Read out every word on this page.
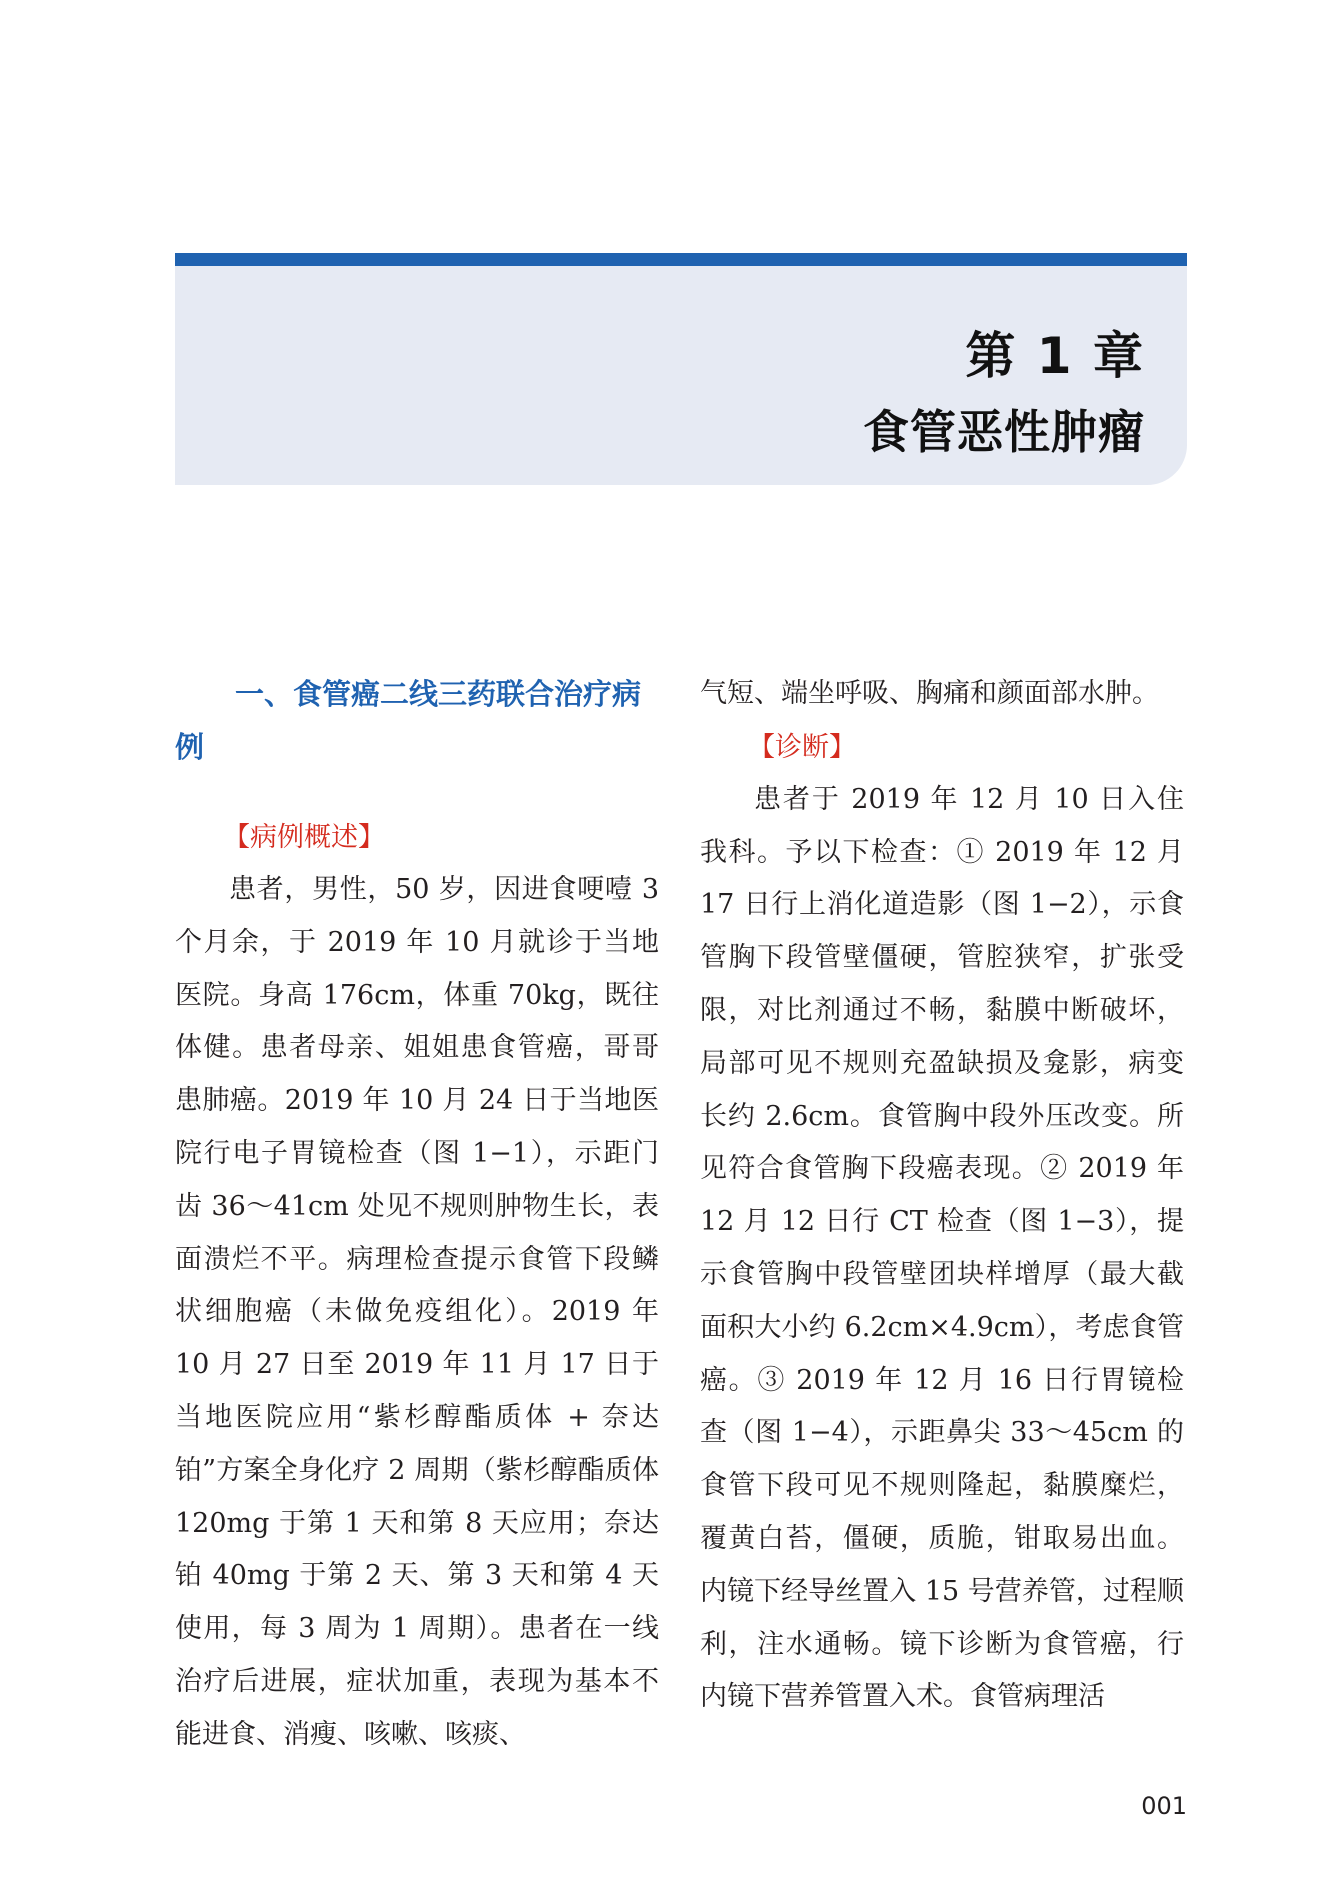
第 1 章
食管恶性肿瘤
一、食管癌二线三药联合治疗病例
【病例概述】

患者，男性，50 岁，因进食哽噎 3 个月余，于 2019 年 10 月就诊于当地医院。身高 176cm，体重 70kg，既往体健。患者母亲、姐姐患食管癌，哥哥患肺癌。2019 年 10 月 24 日于当地医院行电子胃镜检查（图 1−1），示距门齿 36～41cm 处见不规则肿物生长，表面溃烂不平。病理检查提示食管下段鳞状细胞癌（未做免疫组化）。2019 年 10 月 27 日至 2019 年 11 月 17 日于当地医院应用“紫杉醇酯质体 + 奈达铂”方案全身化疗 2 周期（紫杉醇酯质体 120mg 于第 1 天和第 8 天应用；奈达铂 40mg 于第 2 天、第 3 天和第 4 天使用，每 3 周为 1 周期）。患者在一线治疗后进展，症状加重，表现为基本不能进食、消瘦、咳嗽、咳痰、

气短、端坐呼吸、胸痛和颜面部水肿。

【诊断】

患者于 2019 年 12 月 10 日入住我科。予以下检查：① 2019 年 12 月 17 日行上消化道造影（图 1−2），示食管胸下段管壁僵硬，管腔狭窄，扩张受限，对比剂通过不畅，黏膜中断破坏，局部可见不规则充盈缺损及龛影，病变长约 2.6cm。食管胸中段外压改变。所见符合食管胸下段癌表现。② 2019 年 12 月 12 日行 CT 检查（图 1−3），提示食管胸中段管壁团块样增厚（最大截面积大小约 6.2cm×4.9cm），考虑食管癌。③ 2019 年 12 月 16 日行胃镜检查（图 1−4），示距鼻尖 33～45cm 的食管下段可见不规则隆起，黏膜糜烂，覆黄白苔，僵硬，质脆，钳取易出血。内镜下经导丝置入 15 号营养管，过程顺利，注水通畅。镜下诊断为食管癌，行内镜下营养管置入术。食管病理活

001
